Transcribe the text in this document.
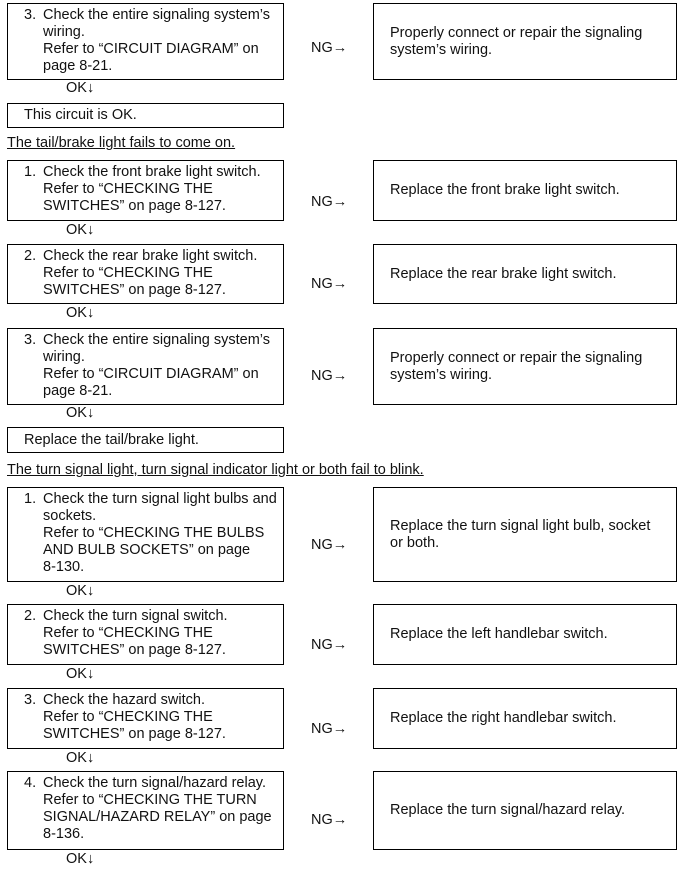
3. Check the entire signaling system’s
wiring.
Refer to “CIRCUIT DIAGRAM” on
page 8-21.
NG→
Properly connect or repair the signaling system’s wiring.
OK↓
This circuit is OK.
The tail/brake light fails to come on.
1. Check the front brake light switch.
Refer to “CHECKING THE
SWITCHES” on page 8-127.	NG→
Replace the front brake light switch.
OK↓
2. Check the rear brake light switch.
Refer to “CHECKING THE
SWITCHES” on page 8-127.	NG→
Replace the rear brake light switch.
OK↓
3. Check the entire signaling system’s
wiring.
Refer to “CIRCUIT DIAGRAM” on
page 8-21.
NG→
Properly connect or repair the signaling system’s wiring.
OK↓
Replace the tail/brake light.
The turn signal light, turn signal indicator light or both fail to blink.
1. Check the turn signal light bulbs and
sockets.
Refer to “CHECKING THE BULBS
AND BULB SOCKETS” on page
8-130.
NG→
Replace the turn signal light bulb, socket or both.
OK↓
2. Check the turn signal switch.
Refer to “CHECKING THE
SWITCHES” on page 8-127.	NG→
Replace the left handlebar switch.
OK↓
3. Check the hazard switch.
Refer to “CHECKING THE
SWITCHES” on page 8-127.	NG→
Replace the right handlebar switch.
OK↓
4. Check the turn signal/hazard relay.
Refer to “CHECKING THE TURN
SIGNAL/HAZARD RELAY” on page
8-136.
NG→
Replace the turn signal/hazard relay.
OK↓
